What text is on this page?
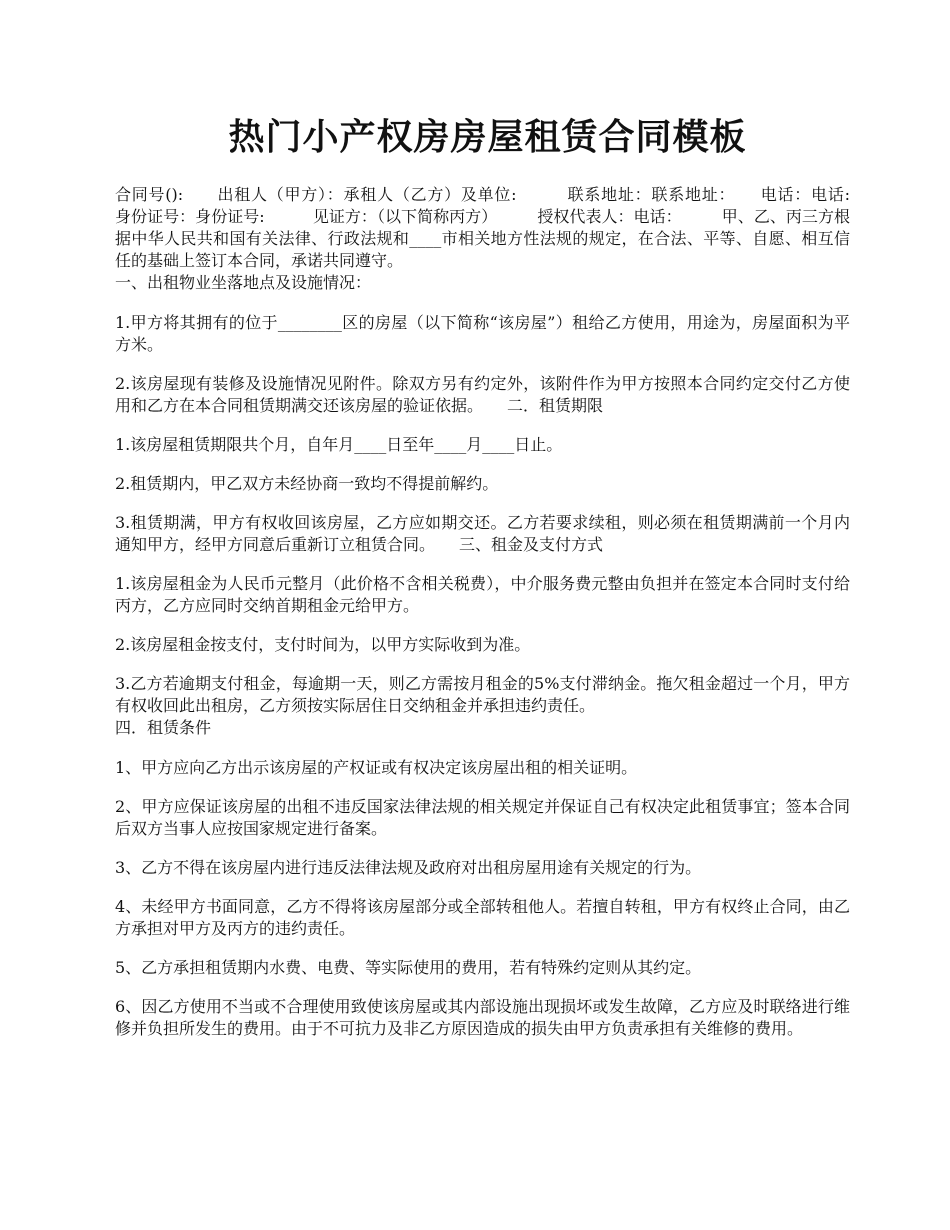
热门小产权房房屋租赁合同模板

合同号():　　出租人（甲方）：承租人（乙方）及单位:　　　联系地址：联系地址：　　电话：电话:　　　身份证号：身份证号:　　　见证方：（以下简称丙方）　　　授权代表人：电话：　　　甲、乙、丙三方根据中华人民共和国有关法律、行政法规和____市相关地方性法规的规定，在合法、平等、自愿、相互信任的基础上签订本合同，承诺共同遵守。

一、出租物业坐落地点及设施情况：

1.甲方将其拥有的位于________区的房屋（以下简称“该房屋”）租给乙方使用，用途为，房屋面积为平方米。

2.该房屋现有装修及设施情况见附件。除双方另有约定外，该附件作为甲方按照本合同约定交付乙方使用和乙方在本合同租赁期满交还该房屋的验证依据。　　二．租赁期限

1.该房屋租赁期限共个月，自年月____日至年____月____日止。

2.租赁期内，甲乙双方未经协商一致均不得提前解约。

3.租赁期满，甲方有权收回该房屋，乙方应如期交还。乙方若要求续租，则必须在租赁期满前一个月内通知甲方，经甲方同意后重新订立租赁合同。　　三、租金及支付方式

1.该房屋租金为人民币元整月（此价格不含相关税费），中介服务费元整由负担并在签定本合同时支付给丙方，乙方应同时交纳首期租金元给甲方。

2.该房屋租金按支付，支付时间为，以甲方实际收到为准。

3.乙方若逾期支付租金，每逾期一天，则乙方需按月租金的5%支付滞纳金。拖欠租金超过一个月，甲方有权收回此出租房，乙方须按实际居住日交纳租金并承担违约责任。

四．租赁条件

1、甲方应向乙方出示该房屋的产权证或有权决定该房屋出租的相关证明。

2、甲方应保证该房屋的出租不违反国家法律法规的相关规定并保证自己有权决定此租赁事宜；签本合同后双方当事人应按国家规定进行备案。

3、乙方不得在该房屋内进行违反法律法规及政府对出租房屋用途有关规定的行为。

4、未经甲方书面同意，乙方不得将该房屋部分或全部转租他人。若擅自转租，甲方有权终止合同，由乙方承担对甲方及丙方的违约责任。

5、乙方承担租赁期内水费、电费、等实际使用的费用，若有特殊约定则从其约定。

6、因乙方使用不当或不合理使用致使该房屋或其内部设施出现损坏或发生故障，乙方应及时联络进行维修并负担所发生的费用。由于不可抗力及非乙方原因造成的损失由甲方负责承担有关维修的费用。
